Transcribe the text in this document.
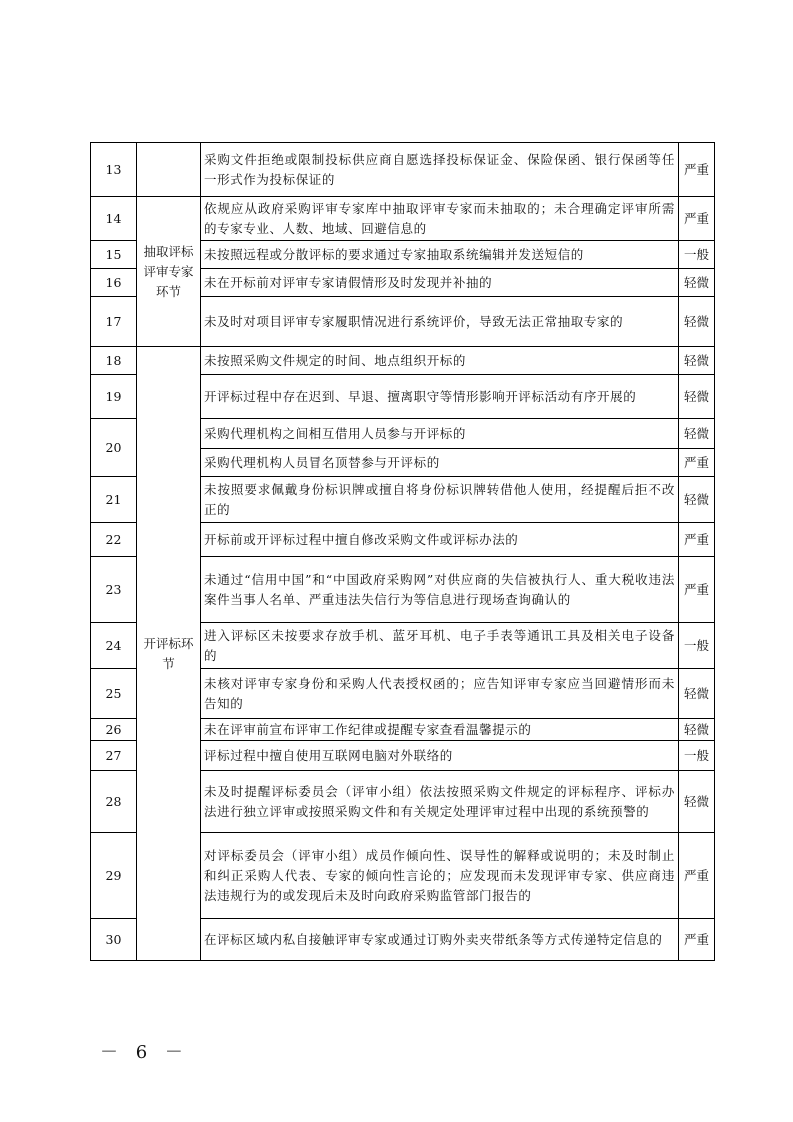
13		采购文件拒绝或限制投标供应商自愿选择投标保证金、保险保函、银行保函等任一形式作为投标保证的	严重
14	抽取评标评审专家环节	依规应从政府采购评审专家库中抽取评审专家而未抽取的；未合理确定评审所需的专家专业、人数、地域、回避信息的	严重
15		未按照远程或分散评标的要求通过专家抽取系统编辑并发送短信的	一般
16		未在开标前对评审专家请假情形及时发现并补抽的	轻微
17		未及时对项目评审专家履职情况进行系统评价，导致无法正常抽取专家的	轻微
18	开评标环节	未按照采购文件规定的时间、地点组织开标的	轻微
19		开评标过程中存在迟到、早退、擅离职守等情形影响开评标活动有序开展的	轻微
20		采购代理机构之间相互借用人员参与开评标的	轻微
		采购代理机构人员冒名顶替参与开评标的	严重
21		未按照要求佩戴身份标识牌或擅自将身份标识牌转借他人使用，经提醒后拒不改正的	轻微
22		开标前或开评标过程中擅自修改采购文件或评标办法的	严重
23		未通过“信用中国”和“中国政府采购网”对供应商的失信被执行人、重大税收违法案件当事人名单、严重违法失信行为等信息进行现场查询确认的	严重
24		进入评标区未按要求存放手机、蓝牙耳机、电子手表等通讯工具及相关电子设备的	一般
25		未核对评审专家身份和采购人代表授权函的；应告知评审专家应当回避情形而未告知的	轻微
26		未在评审前宣布评审工作纪律或提醒专家查看温馨提示的	轻微
27		评标过程中擅自使用互联网电脑对外联络的	一般
28		未及时提醒评标委员会（评审小组）依法按照采购文件规定的评标程序、评标办法进行独立评审或按照采购文件和有关规定处理评审过程中出现的系统预警的	轻微
29		对评标委员会（评审小组）成员作倾向性、误导性的解释或说明的；未及时制止和纠正采购人代表、专家的倾向性言论的；应发现而未发现评审专家、供应商违法违规行为的或发现后未及时向政府采购监管部门报告的	严重
30		在评标区域内私自接触评审专家或通过订购外卖夹带纸条等方式传递特定信息的	严重
－ 6 －
